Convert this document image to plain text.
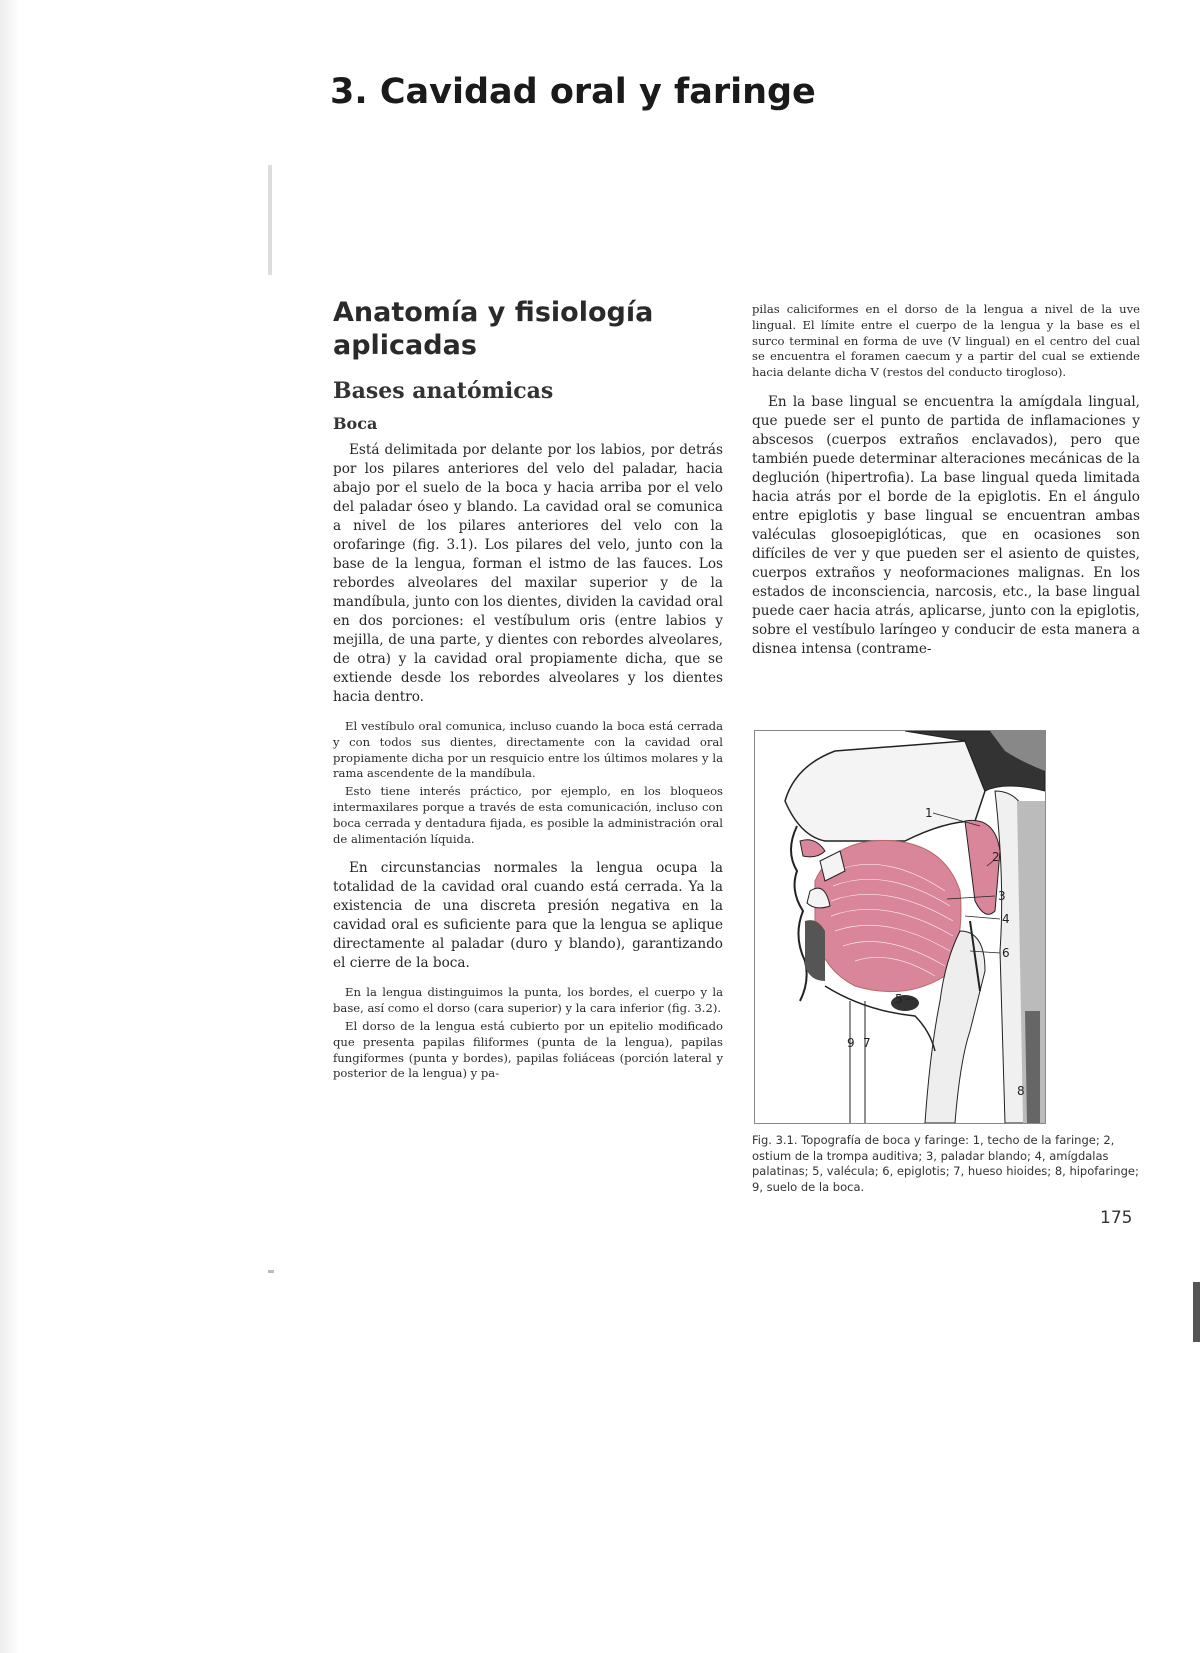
3. Cavidad oral y faringe
Anatomía y fisiología aplicadas
Bases anatómicas
Boca

Está delimitada por delante por los labios, por detrás por los pilares anteriores del velo del paladar, hacia abajo por el suelo de la boca y hacia arriba por el velo del paladar óseo y blando. La cavidad oral se comunica a nivel de los pilares anteriores del velo con la orofaringe (fig. 3.1). Los pilares del velo, junto con la base de la lengua, forman el istmo de las fauces. Los rebordes alveolares del maxilar superior y de la mandíbula, junto con los dientes, dividen la cavidad oral en dos porciones: el vestíbulum oris (entre labios y mejilla, de una parte, y dientes con rebordes alveolares, de otra) y la cavidad oral propiamente dicha, que se extiende desde los rebordes alveolares y los dientes hacia dentro.

El vestíbulo oral comunica, incluso cuando la boca está cerrada y con todos sus dientes, directamente con la cavidad oral propiamente dicha por un resquicio entre los últimos molares y la rama ascendente de la mandíbula.

Esto tiene interés práctico, por ejemplo, en los bloqueos intermaxilares porque a través de esta comunicación, incluso con boca cerrada y dentadura fijada, es posible la administración oral de alimentación líquida.

En circunstancias normales la lengua ocupa la totalidad de la cavidad oral cuando está cerrada. Ya la existencia de una discreta presión negativa en la cavidad oral es suficiente para que la lengua se aplique directamente al paladar (duro y blando), garantizando el cierre de la boca.

En la lengua distinguimos la punta, los bordes, el cuerpo y la base, así como el dorso (cara superior) y la cara inferior (fig. 3.2).

El dorso de la lengua está cubierto por un epitelio modificado que presenta papilas filiformes (punta de la lengua), papilas fungiformes (punta y bordes), papilas foliáceas (porción lateral y posterior de la lengua) y pa-

pilas caliciformes en el dorso de la lengua a nivel de la uve lingual. El límite entre el cuerpo de la lengua y la base es el surco terminal en forma de uve (V lingual) en el centro del cual se encuentra el foramen caecum y a partir del cual se extiende hacia delante dicha V (restos del conducto tirogloso).

En la base lingual se encuentra la amígdala lingual, que puede ser el punto de partida de inflamaciones y abscesos (cuerpos extraños enclavados), pero que también puede determinar alteraciones mecánicas de la deglución (hipertrofia). La base lingual queda limitada hacia atrás por el borde de la epiglotis. En el ángulo entre epiglotis y base lingual se encuentran ambas valéculas glosoepiglóticas, que en ocasiones son difíciles de ver y que pueden ser el asiento de quistes, cuerpos extraños y neoformaciones malignas. En los estados de inconsciencia, narcosis, etc., la base lingual puede caer hacia atrás, aplicarse, junto con la epiglotis, sobre el vestíbulo laríngeo y conducir de esta manera a disnea intensa (contrame-

1
2
3
4
5
6
7
8
9

Fig. 3.1. Topografía de boca y faringe: 1, techo de la faringe; 2, ostium de la trompa auditiva; 3, paladar blando; 4, amígdalas palatinas; 5, valécula; 6, epiglotis; 7, hueso hioides; 8, hipofaringe; 9, suelo de la boca.

175
